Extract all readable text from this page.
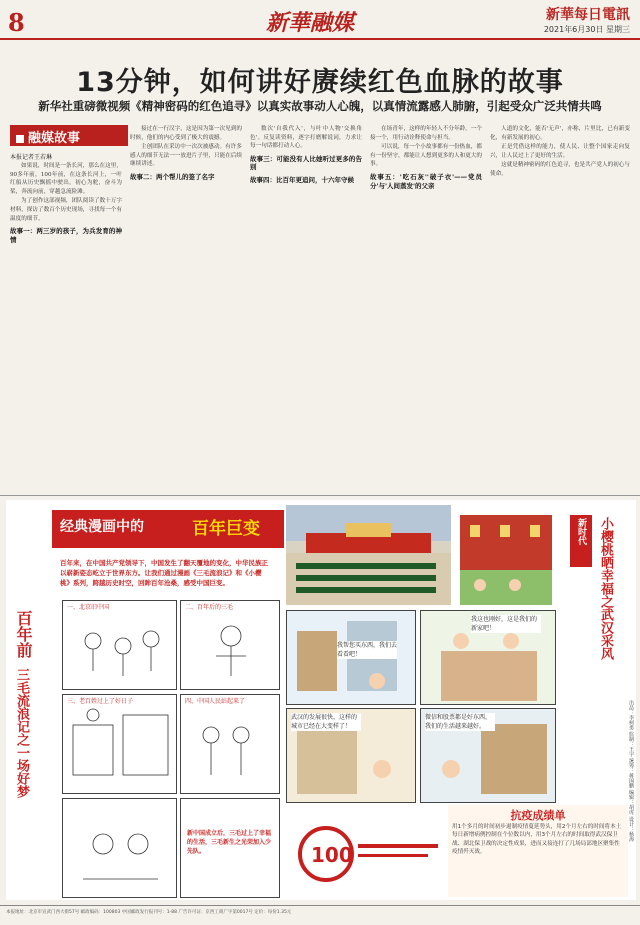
8	新華融媒	新華每日電訊
2021年6月30日 星期三
13分钟，如何讲好赓续红色血脉的故事
新华社重磅微视频《精神密码的红色追寻》以真实故事动人心魄，以真情流露感人肺腑，引起受众广泛共情共鸣
融媒故事
本报记者王若琳

如果说，时间是一条长河，那么在这里，90多年前，100年前，在这条长河上，一叶红船从历史飘摇中驶出，初心为舵，奋斗为桨，奔流向前，穿越急流险滩。

为了创作这部视频，团队阅读了数十万字材料，探访了数百个历史现场，寻找每一个有温度的细节。

故事一：两三岁的孩子，为兵发育的神情

接过在一行汉字，这是因为第一次见到的时候，他们的内心受到了极大的震撼。

主创团队在采访中一次次被感动。有许多感人的细节无法一一放进片子里，只能在后续继续讲述。

故事二：两个帮儿的签了名字

数次'自我代入'，与叶中人物'交换角色'。反复读资料，逐字打磨解说词，力求让每一句话都打动人心。

故事三：可能没有人比她听过更多的告别
故事四：比百年更追问，十六年守候

在场青年，这样的年轻人不分年龄，一个接一个，用行动诠释使命与担当。

可以说，每一个小故事都有一份热血，都有一份坚守，都能让人想到更多的人和更大的事。

故事五：'吃石灰''破子衣'——党员分'与'人间蒸发'的父亲

人道的文化，能否'无声'，亦称，片里比，已有新变化，有新发展的初心。

正是凭借这样的能力，使人民、让整个国家走向复兴，让人民过上了更好的生活。

这就是精神密码的红色追寻，也是共产党人的初心与使命。

经典漫画中的	百年巨变
百年来，在中国共产党领导下，中国发生了翻天覆地的变化，中华民族正以崭新姿态屹立于世界东方。让我们通过漫画《三毛流浪记》和《小樱桃》系列，跨越历史时空，回眸百年沧桑，感受中国巨变。
百年前
三毛流浪记之一场好梦
一、北京旧中国	二、百年后的三毛
三、老百姓过上了好日子	四、中国人民站起来了
新中国成立后，三毛过上了幸福的生活，三毛新生之光荣加入少先队。
我帮您买东西，我们去看看吧！
我这也刚好，这是我们的新家吧！
武汉的发展很快，这样的城市已经在大变样了！
微信和股票都是好东西，我们的生活越来越好。
新时代 小樱桃晒幸福之武汉采风
100
抗疫成绩单
用1个多月的时间初步遏制疫情蔓延势头，用2个月左右的时间将本土每日新增病例控制在个位数以内，用3个月左右的时间取得武汉保卫战、湖北保卫战的决定性成果，进而又接连打了几场局部地区聚集性疫情歼灭战。
出品：李柯勇 监制：王宇 统筹：蒋国鹏 编辑：胡虎 设计：杨海
本报地址：北京市宣武门西大街57号 邮政编码：100803 中国邮政发行报刊号：1-88 广告许可证：京西工商广字第0017号 定价：每份1.35元
